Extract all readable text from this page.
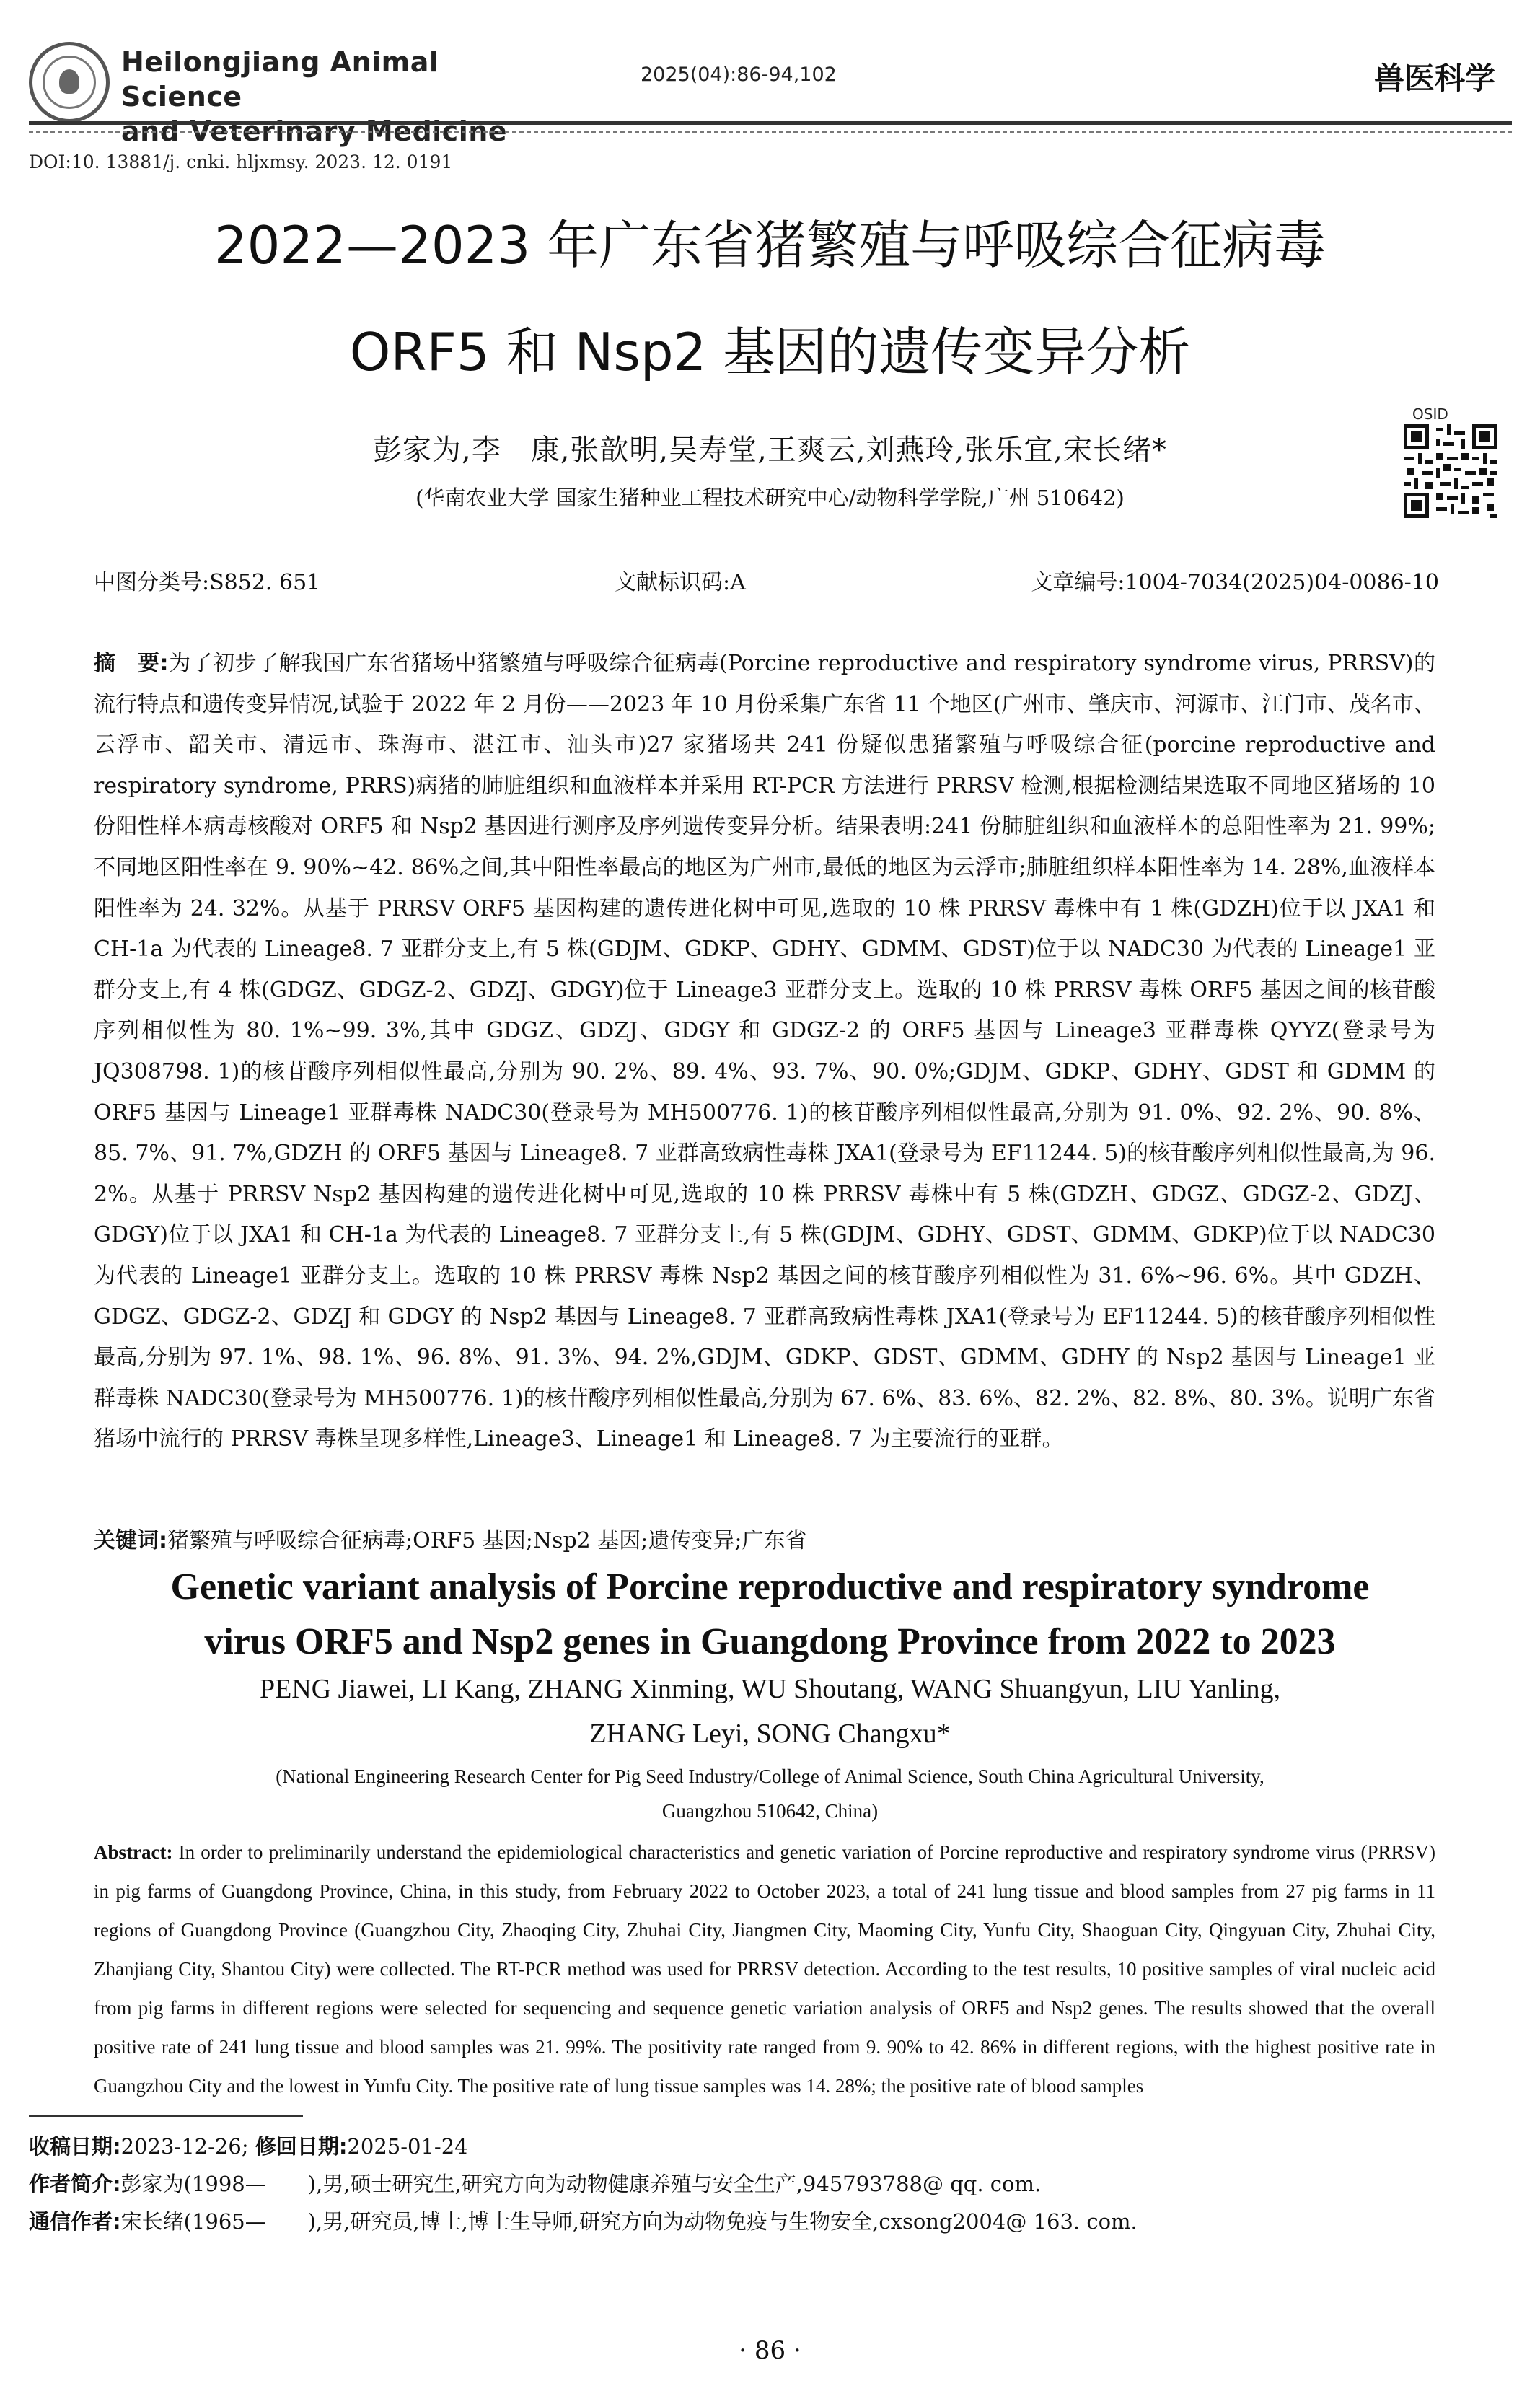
Heilongjiang Animal Science
and Veterinary Medicine
2025(04):86-94,102	兽医科学
DOI:10. 13881/j. cnki. hljxmsy. 2023. 12. 0191
2022—2023 年广东省猪繁殖与呼吸综合征病毒
ORF5 和 Nsp2 基因的遗传变异分析
彭家为,李　康,张歆明,吴寿堂,王爽云,刘燕玲,张乐宜,宋长绪*
(华南农业大学 国家生猪种业工程技术研究中心/动物科学学院,广州 510642)
OSID
中图分类号:S852. 651	文献标识码:A	文章编号:1004-7034(2025)04-0086-10
摘　要:为了初步了解我国广东省猪场中猪繁殖与呼吸综合征病毒(Porcine reproductive and respiratory syndrome virus, PRRSV)的流行特点和遗传变异情况,试验于 2022 年 2 月份——2023 年 10 月份采集广东省 11 个地区(广州市、肇庆市、河源市、江门市、茂名市、云浮市、韶关市、清远市、珠海市、湛江市、汕头市)27 家猪场共 241 份疑似患猪繁殖与呼吸综合征(porcine reproductive and respiratory syndrome, PRRS)病猪的肺脏组织和血液样本并采用 RT-PCR 方法进行 PRRSV 检测,根据检测结果选取不同地区猪场的 10 份阳性样本病毒核酸对 ORF5 和 Nsp2 基因进行测序及序列遗传变异分析。结果表明:241 份肺脏组织和血液样本的总阳性率为 21. 99%;不同地区阳性率在 9. 90%~42. 86%之间,其中阳性率最高的地区为广州市,最低的地区为云浮市;肺脏组织样本阳性率为 14. 28%,血液样本阳性率为 24. 32%。从基于 PRRSV ORF5 基因构建的遗传进化树中可见,选取的 10 株 PRRSV 毒株中有 1 株(GDZH)位于以 JXA1 和 CH-1a 为代表的 Lineage8. 7 亚群分支上,有 5 株(GDJM、GDKP、GDHY、GDMM、GDST)位于以 NADC30 为代表的 Lineage1 亚群分支上,有 4 株(GDGZ、GDGZ-2、GDZJ、GDGY)位于 Lineage3 亚群分支上。选取的 10 株 PRRSV 毒株 ORF5 基因之间的核苷酸序列相似性为 80. 1%~99. 3%,其中 GDGZ、GDZJ、GDGY 和 GDGZ-2 的 ORF5 基因与 Lineage3 亚群毒株 QYYZ(登录号为 JQ308798. 1)的核苷酸序列相似性最高,分别为 90. 2%、89. 4%、93. 7%、90. 0%;GDJM、GDKP、GDHY、GDST 和 GDMM 的 ORF5 基因与 Lineage1 亚群毒株 NADC30(登录号为 MH500776. 1)的核苷酸序列相似性最高,分别为 91. 0%、92. 2%、90. 8%、85. 7%、91. 7%,GDZH 的 ORF5 基因与 Lineage8. 7 亚群高致病性毒株 JXA1(登录号为 EF11244. 5)的核苷酸序列相似性最高,为 96. 2%。从基于 PRRSV Nsp2 基因构建的遗传进化树中可见,选取的 10 株 PRRSV 毒株中有 5 株(GDZH、GDGZ、GDGZ-2、GDZJ、GDGY)位于以 JXA1 和 CH-1a 为代表的 Lineage8. 7 亚群分支上,有 5 株(GDJM、GDHY、GDST、GDMM、GDKP)位于以 NADC30 为代表的 Lineage1 亚群分支上。选取的 10 株 PRRSV 毒株 Nsp2 基因之间的核苷酸序列相似性为 31. 6%~96. 6%。其中 GDZH、GDGZ、GDGZ-2、GDZJ 和 GDGY 的 Nsp2 基因与 Lineage8. 7 亚群高致病性毒株 JXA1(登录号为 EF11244. 5)的核苷酸序列相似性最高,分别为 97. 1%、98. 1%、96. 8%、91. 3%、94. 2%,GDJM、GDKP、GDST、GDMM、GDHY 的 Nsp2 基因与 Lineage1 亚群毒株 NADC30(登录号为 MH500776. 1)的核苷酸序列相似性最高,分别为 67. 6%、83. 6%、82. 2%、82. 8%、80. 3%。说明广东省猪场中流行的 PRRSV 毒株呈现多样性,Lineage3、Lineage1 和 Lineage8. 7 为主要流行的亚群。
关键词:猪繁殖与呼吸综合征病毒;ORF5 基因;Nsp2 基因;遗传变异;广东省
Genetic variant analysis of Porcine reproductive and respiratory syndrome
virus ORF5 and Nsp2 genes in Guangdong Province from 2022 to 2023
PENG Jiawei, LI Kang, ZHANG Xinming, WU Shoutang, WANG Shuangyun, LIU Yanling,
ZHANG Leyi, SONG Changxu*
(National Engineering Research Center for Pig Seed Industry/College of Animal Science, South China Agricultural University,
Guangzhou 510642, China)
Abstract: In order to preliminarily understand the epidemiological characteristics and genetic variation of Porcine reproductive and respiratory syndrome virus (PRRSV) in pig farms of Guangdong Province, China, in this study, from February 2022 to October 2023, a total of 241 lung tissue and blood samples from 27 pig farms in 11 regions of Guangdong Province (Guangzhou City, Zhaoqing City, Zhuhai City, Jiangmen City, Maoming City, Yunfu City, Shaoguan City, Qingyuan City, Zhuhai City, Zhanjiang City, Shantou City) were collected. The RT-PCR method was used for PRRSV detection. According to the test results, 10 positive samples of viral nucleic acid from pig farms in different regions were selected for sequencing and sequence genetic variation analysis of ORF5 and Nsp2 genes. The results showed that the overall positive rate of 241 lung tissue and blood samples was 21. 99%. The positivity rate ranged from 9. 90% to 42. 86% in different regions, with the highest positive rate in Guangzhou City and the lowest in Yunfu City. The positive rate of lung tissue samples was 14. 28%; the positive rate of blood samples
收稿日期:2023-12-26; 修回日期:2025-01-24
作者简介:彭家为(1998—　　),男,硕士研究生,研究方向为动物健康养殖与安全生产,945793788@ qq. com.
通信作者:宋长绪(1965—　　),男,研究员,博士,博士生导师,研究方向为动物免疫与生物安全,cxsong2004@ 163. com.
· 86 ·
